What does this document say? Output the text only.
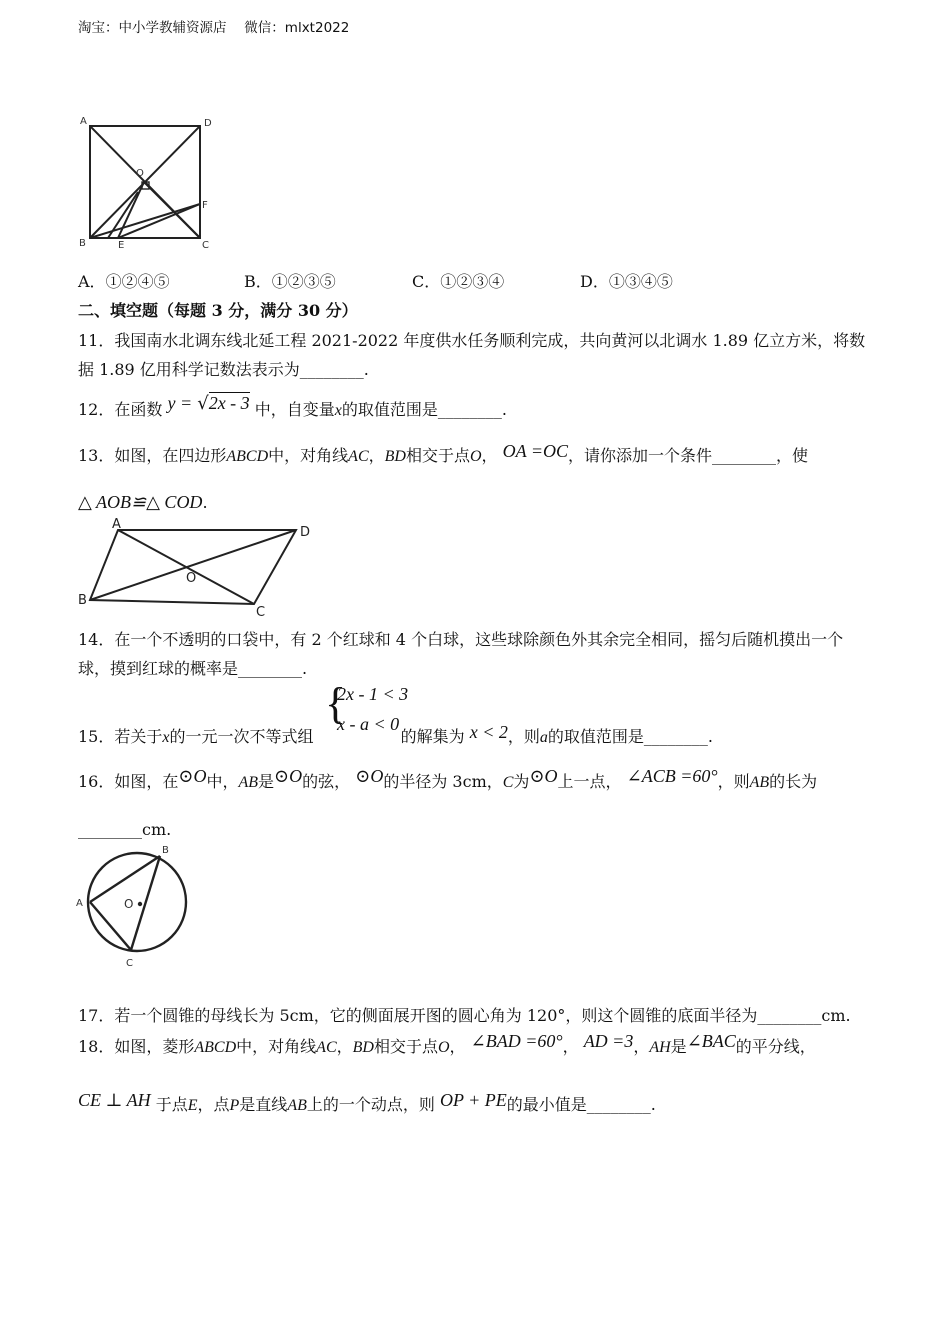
淘宝：中小学教辅资源店　 微信：mlxt2022
A	D
O
F
B	E	C
A．①②④⑤	B．①②③⑤	C．①②③④	D．①③④⑤
二、填空题（每题 3 分，满分 30 分）
11．我国南水北调东线北延工程 2021-2022 年度供水任务顺利完成，共向黄河以北调水 1.89 亿立方米，将数
据 1.89 亿用科学记数法表示为________.
12．在函数 y = √2x - 3 中，自变量x的取值范围是________.
13．如图，在四边形ABCD中，对角线AC，BD相交于点O， OA =OC，请你添加一个条件________，使
△ AOB≌△ COD.
A
D
O
B
C
14．在一个不透明的口袋中，有 2 个红球和 4 个白球，这些球除颜色外其余完全相同，摇匀后随机摸出一个
球，摸到红球的概率是________.
{
2x - 1 < 3
x - a < 0
15．若关于x的一元一次不等式组	的解集为 x < 2，则a的取值范围是________.
16．如图，在⊙O中，AB是⊙O的弦， ⊙O的半径为 3cm，C为⊙O上一点， ∠ACB =60°，则AB的长为
________cm.
B
A	O
C
17．若一个圆锥的母线长为 5cm，它的侧面展开图的圆心角为 120°，则这个圆锥的底面半径为________cm.
18．如图，菱形ABCD中，对角线AC，BD相交于点O， ∠BAD =60°， AD =3，AH是∠BAC的平分线，
CE ⊥ AH 于点E，点P是直线AB上的一个动点，则 OP + PE的最小值是________.
